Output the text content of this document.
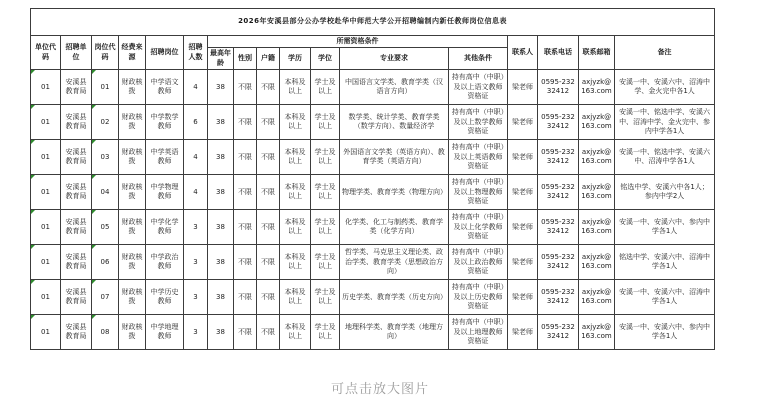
2026年安溪县部分公办学校赴华中师范大学公开招聘编制内新任教师岗位信息表																
单位代码	招聘单位	岗位代码	经费来源	招聘岗位	招聘人数	所需资格条件							联系人	联系电话	联系邮箱	备注
						最高年龄	性别	户籍	学历	学位	专业要求	其他条件				
01	安溪县教育局	01	财政核拨	中学语文教师	4	38	不限	不限	本科及以上	学士及以上	中国语言文学类、教育学类（汉语言方向）	持有高中（中职）及以上语文教师资格证	梁老师	0595-23232412	axjyzk@163.com	安溪一中、安溪六中、沼涛中学、金火完中各1人
01	安溪县教育局	02	财政核拨	中学数学教师	6	38	不限	不限	本科及以上	学士及以上	数学类、统计学类、教育学类（数学方向）、数量经济学	持有高中（中职）及以上数学教师资格证	梁老师	0595-23232412	axjyzk@163.com	安溪一中、铭选中学、安溪六中、沼涛中学、金火完中、参内中学各1人
01	安溪县教育局	03	财政核拨	中学英语教师	4	38	不限	不限	本科及以上	学士及以上	外国语言文学类（英语方向）、教育学类（英语方向）	持有高中（中职）及以上英语教师资格证	梁老师	0595-23232412	axjyzk@163.com	安溪一中、铭选中学、安溪六中、沼涛中学各1人
01	安溪县教育局	04	财政核拨	中学物理教师	4	38	不限	不限	本科及以上	学士及以上	物理学类、教育学类（物理方向）	持有高中（中职）及以上物理教师资格证	梁老师	0595-23232412	axjyzk@163.com	铭选中学、安溪六中各1人；参内中学2人
01	安溪县教育局	05	财政核拨	中学化学教师	3	38	不限	不限	本科及以上	学士及以上	化学类、化工与制药类、教育学类（化学方向）	持有高中（中职）及以上化学教师资格证	梁老师	0595-23232412	axjyzk@163.com	安溪一中、安溪六中、参内中学各1人
01	安溪县教育局	06	财政核拨	中学政治教师	3	38	不限	不限	本科及以上	学士及以上	哲学类、马克思主义理论类、政治学类、教育学类（思想政治方向）	持有高中（中职）及以上政治教师资格证	梁老师	0595-23232412	axjyzk@163.com	铭选中学、安溪六中、沼涛中学各1人
01	安溪县教育局	07	财政核拨	中学历史教师	3	38	不限	不限	本科及以上	学士及以上	历史学类、教育学类（历史方向）	持有高中（中职）及以上历史教师资格证	梁老师	0595-23232412	axjyzk@163.com	安溪一中、安溪六中、沼涛中学各1人
01	安溪县教育局	08	财政核拨	中学地理教师	3	38	不限	不限	本科及以上	学士及以上	地理科学类、教育学类（地理方向）	持有高中（中职）及以上地理教师资格证	梁老师	0595-23232412	axjyzk@163.com	安溪一中、安溪六中、参内中学各1人
可点击放大图片
